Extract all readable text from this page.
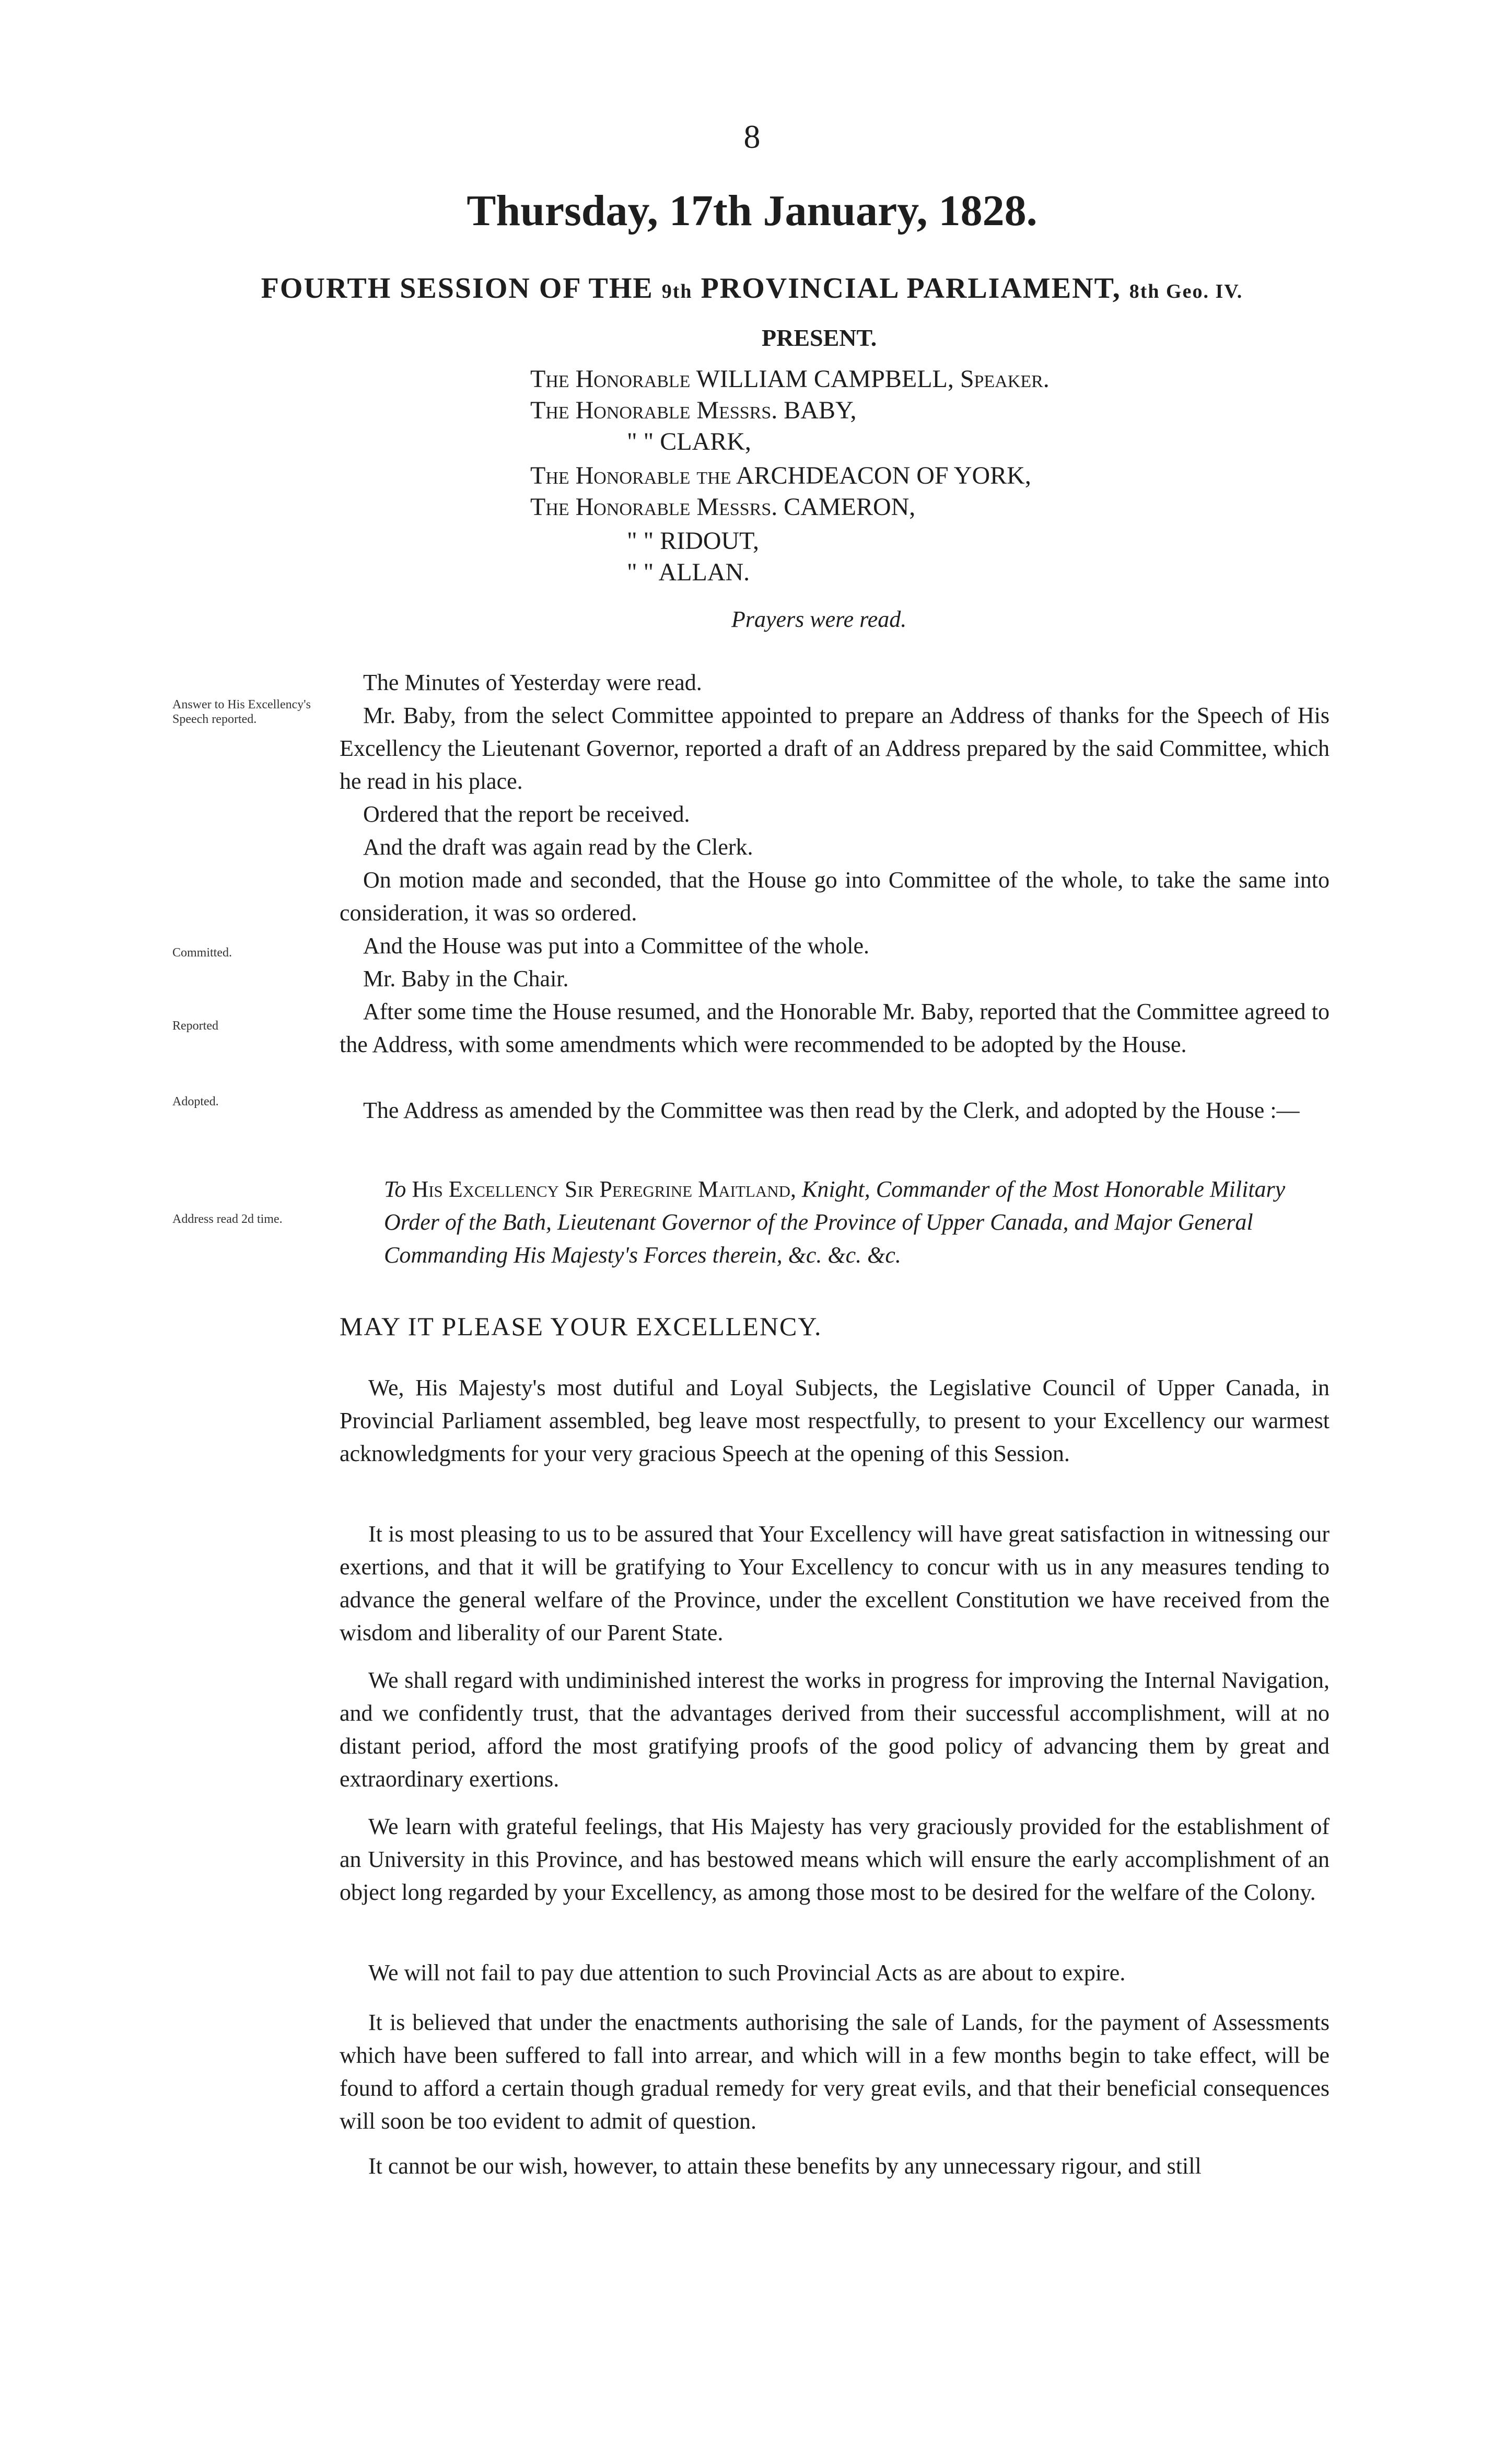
8
Thursday, 17th January, 1828.
FOURTH SESSION OF THE 9th PROVINCIAL PARLIAMENT, 8th Geo. IV.
PRESENT.
The Honorable WILLIAM CAMPBELL, Speaker.
The Honorable Messrs. BABY,
" " CLARK,
The Honorable the ARCHDEACON OF YORK,
The Honorable Messrs. CAMERON,
" " RIDOUT,
" " ALLAN.
Prayers were read.
Answer to His Excellency's Speech reported.
Committed.
Reported
Adopted.
Address read 2d time.
The Minutes of Yesterday were read.
Mr. Baby, from the select Committee appointed to prepare an Address of thanks for the Speech of His Excellency the Lieutenant Governor, reported a draft of an Address prepared by the said Committee, which he read in his place.
Ordered that the report be received.
And the draft was again read by the Clerk.
On motion made and seconded, that the House go into Committee of the whole, to take the same into consideration, it was so ordered.
And the House was put into a Committee of the whole.
Mr. Baby in the Chair.
After some time the House resumed, and the Honorable Mr. Baby, reported that the Committee agreed to the Address, with some amendments which were recommended to be adopted by the House.
The Address as amended by the Committee was then read by the Clerk, and adopted by the House :—
To His Excellency Sir Peregrine Maitland, Knight, Commander of the Most Honorable Military Order of the Bath, Lieutenant Governor of the Province of Upper Canada, and Major General Commanding His Majesty's Forces therein, &c. &c. &c.
MAY IT PLEASE YOUR EXCELLENCY.
We, His Majesty's most dutiful and Loyal Subjects, the Legislative Council of Upper Canada, in Provincial Parliament assembled, beg leave most respectfully, to present to your Excellency our warmest acknowledgments for your very gracious Speech at the opening of this Session.
It is most pleasing to us to be assured that Your Excellency will have great satisfaction in witnessing our exertions, and that it will be gratifying to Your Excellency to concur with us in any measures tending to advance the general welfare of the Province, under the excellent Constitution we have received from the wisdom and liberality of our Parent State.
We shall regard with undiminished interest the works in progress for improving the Internal Navigation, and we confidently trust, that the advantages derived from their successful accomplishment, will at no distant period, afford the most gratifying proofs of the good policy of advancing them by great and extraordinary exertions.
We learn with grateful feelings, that His Majesty has very graciously provided for the establishment of an University in this Province, and has bestowed means which will ensure the early accomplishment of an object long regarded by your Excellency, as among those most to be desired for the welfare of the Colony.
We will not fail to pay due attention to such Provincial Acts as are about to expire.
It is believed that under the enactments authorising the sale of Lands, for the payment of Assessments which have been suffered to fall into arrear, and which will in a few months begin to take effect, will be found to afford a certain though gradual remedy for very great evils, and that their beneficial consequences will soon be too evident to admit of question.
It cannot be our wish, however, to attain these benefits by any unnecessary rigour, and still
